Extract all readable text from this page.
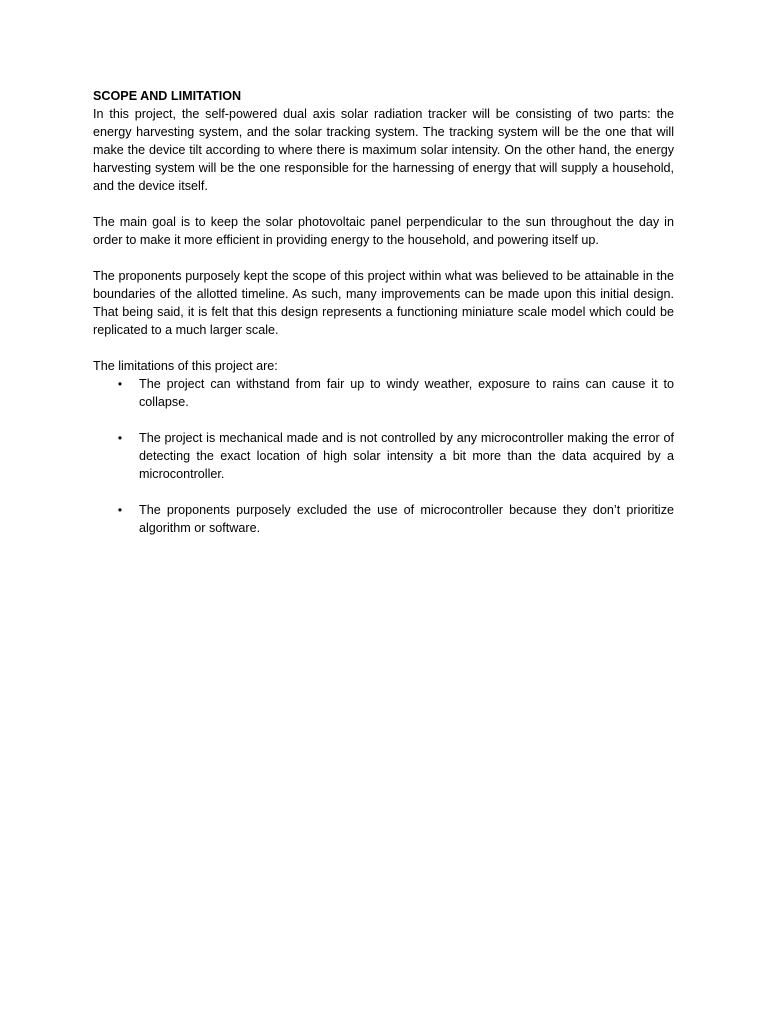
SCOPE AND LIMITATION

In this project, the self-powered dual axis solar radiation tracker will be consisting of two parts: the energy harvesting system, and the solar tracking system. The tracking system will be the one that will make the device tilt according to where there is maximum solar intensity. On the other hand, the energy harvesting system will be the one responsible for the harnessing of energy that will supply a household, and the device itself.

The main goal is to keep the solar photovoltaic panel perpendicular to the sun throughout the day in order to make it more efficient in providing energy to the household, and powering itself up.

The proponents purposely kept the scope of this project within what was believed to be attainable in the boundaries of the allotted timeline. As such, many improvements can be made upon this initial design. That being said, it is felt that this design represents a functioning miniature scale model which could be replicated to a much larger scale.

The limitations of this project are:

•	The project can withstand from fair up to windy weather, exposure to rains can cause it to collapse.
•	The project is mechanical made and is not controlled by any microcontroller making the error of detecting the exact location of high solar intensity a bit more than the data acquired by a microcontroller.
•	The proponents purposely excluded the use of microcontroller because they don’t prioritize algorithm or software.
